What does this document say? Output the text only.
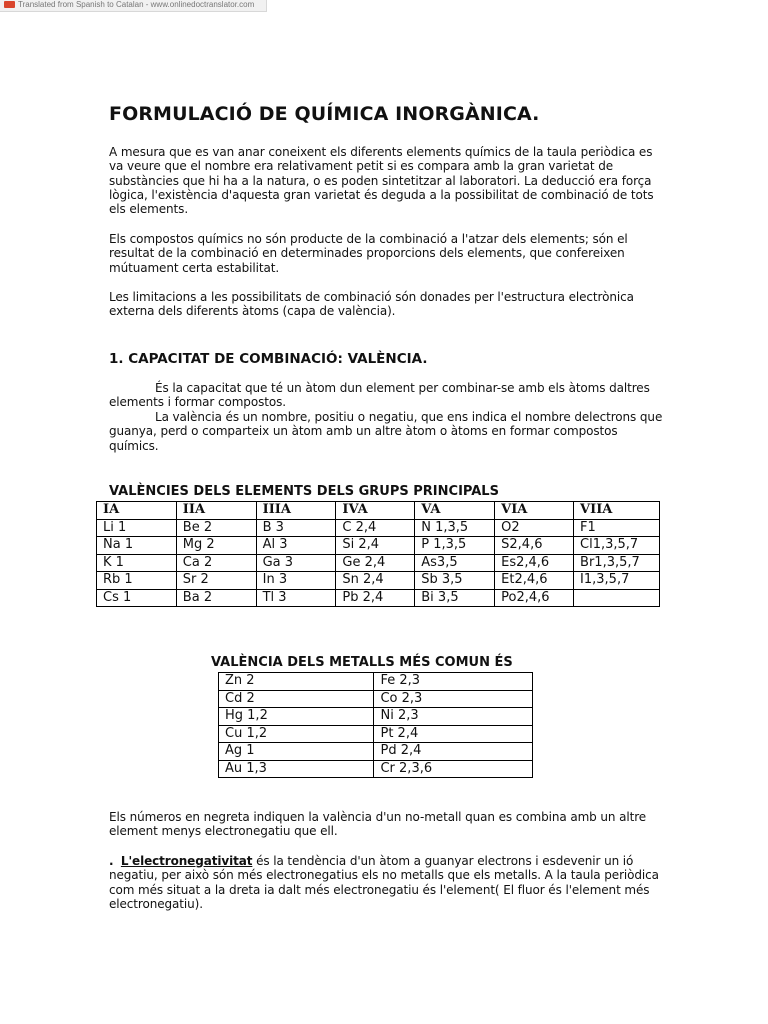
Translated from Spanish to Catalan - www.onlinedoctranslator.com
FORMULACIÓ DE QUÍMICA INORGÀNICA.

A mesura que es van anar coneixent els diferents elements químics de la taula periòdica es va veure que el nombre era relativament petit si es compara amb la gran varietat de substàncies que hi ha a la natura, o es poden sintetitzar al laboratori. La deducció era força lògica, l'existència d'aquesta gran varietat és deguda a la possibilitat de combinació de tots els elements.

Els compostos químics no són producte de la combinació a l'atzar dels elements; són el resultat de la combinació en determinades proporcions dels elements, que confereixen mútuament certa estabilitat.

Les limitacions a les possibilitats de combinació són donades per l'estructura electrònica externa dels diferents àtoms (capa de valència).

1. CAPACITAT DE COMBINACIÓ: VALÈNCIA.

És la capacitat que té un àtom dun element per combinar-se amb els àtoms daltres elements i formar compostos.

La valència és un nombre, positiu o negatiu, que ens indica el nombre delectrons que guanya, perd o comparteix un àtom amb un altre àtom o àtoms en formar compostos químics.

VALÈNCIES DELS ELEMENTS DELS GRUPS PRINCIPALS

IA	IIA	IIIA	IVA	VA	VIA	VIIA
Li 1	Be 2	B 3	C 2,4	N 1,3,5	O2	F1
Na 1	Mg 2	Al 3	Si 2,4	P 1,3,5	S2,4,6	Cl1,3,5,7
K 1	Ca 2	Ga 3	Ge 2,4	As3,5	Es2,4,6	Br1,3,5,7
Rb 1	Sr 2	In 3	Sn 2,4	Sb 3,5	Et2,4,6	I1,3,5,7
Cs 1	Ba 2	Tl 3	Pb 2,4	Bi 3,5	Po2,4,6	

VALÈNCIA DELS METALLS MÉS COMUN ÉS

Zn 2	Fe 2,3
Cd 2	Co 2,3
Hg 1,2	Ni 2,3
Cu 1,2	Pt 2,4
Ag 1	Pd 2,4
Au 1,3	Cr 2,3,6

Els números en negreta indiquen la valència d'un no-metall quan es combina amb un altre element menys electronegatiu que ell.

. L'electronegativitat és la tendència d'un àtom a guanyar electrons i esdevenir un ió negatiu, per això són més electronegatius els no metalls que els metalls. A la taula periòdica com més situat a la dreta ia dalt més electronegatiu és l'element( El fluor és l'element més electronegatiu).
